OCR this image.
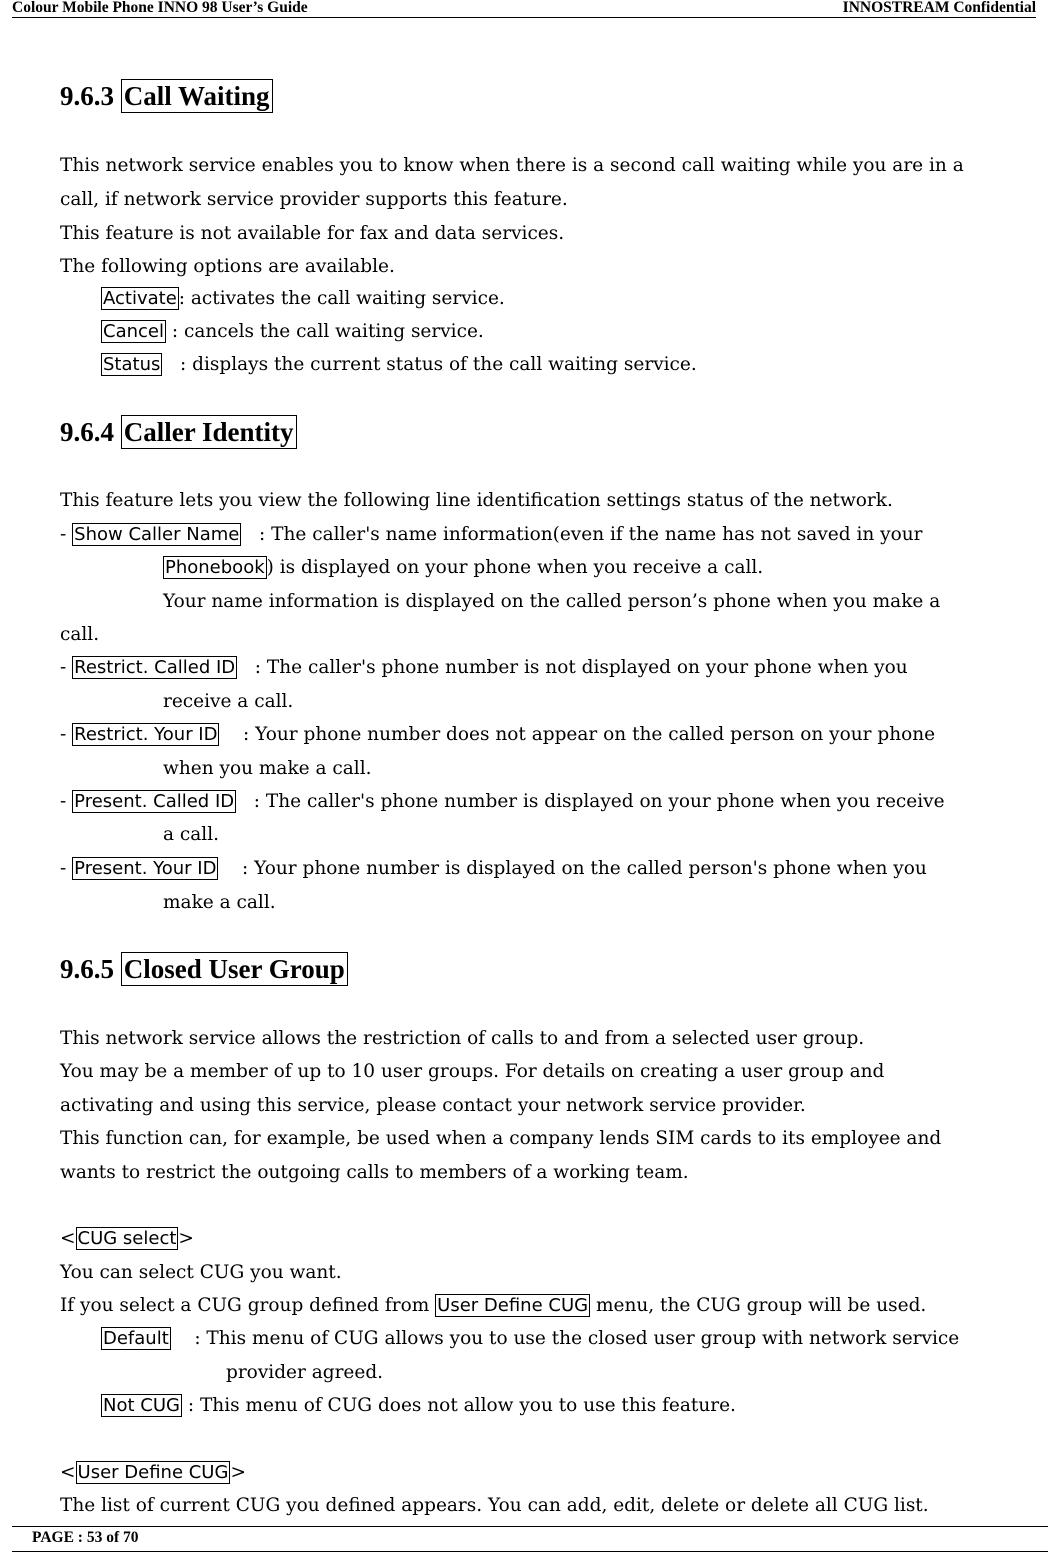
Colour Mobile Phone INNO 98 User’s Guide	INNOSTREAM Confidential
9.6.3 Call Waiting
This network service enables you to know when there is a second call waiting while you are in a
call, if network service provider supports this feature.
This feature is not available for fax and data services.
The following options are available.
Activate : activates the call waiting service.
Cancel : cancels the call waiting service.
Status   : displays the current status of the call waiting service.
9.6.4 Caller Identity
This feature lets you view the following line identification settings status of the network.
- Show Caller Name   : The caller's name information(even if the name has not saved in your
Phonebook ) is displayed on your phone when you receive a call.
Your name information is displayed on the called person’s phone when you make a
call.
- Restrict. Called ID   : The caller's phone number is not displayed on your phone when you
receive a call.
- Restrict. Your ID    : Your phone number does not appear on the called person on your phone
when you make a call.
- Present. Called ID   : The caller's phone number is displayed on your phone when you receive
a call.
- Present. Your ID    : Your phone number is displayed on the called person's phone when you
make a call.
9.6.5 Closed User Group
This network service allows the restriction of calls to and from a selected user group.
You may be a member of up to 10 user groups. For details on creating a user group and
activating and using this service, please contact your network service provider.
This function can, for example, be used when a company lends SIM cards to its employee and
wants to restrict the outgoing calls to members of a working team.
< CUG select >
You can select CUG you want.
If you select a CUG group defined from User Define CUG menu, the CUG group will be used.
Default    : This menu of CUG allows you to use the closed user group with network service
provider agreed.
Not CUG : This menu of CUG does not allow you to use this feature.
< User Define CUG >
The list of current CUG you defined appears. You can add, edit, delete or delete all CUG list.
PAGE : 53 of 70
